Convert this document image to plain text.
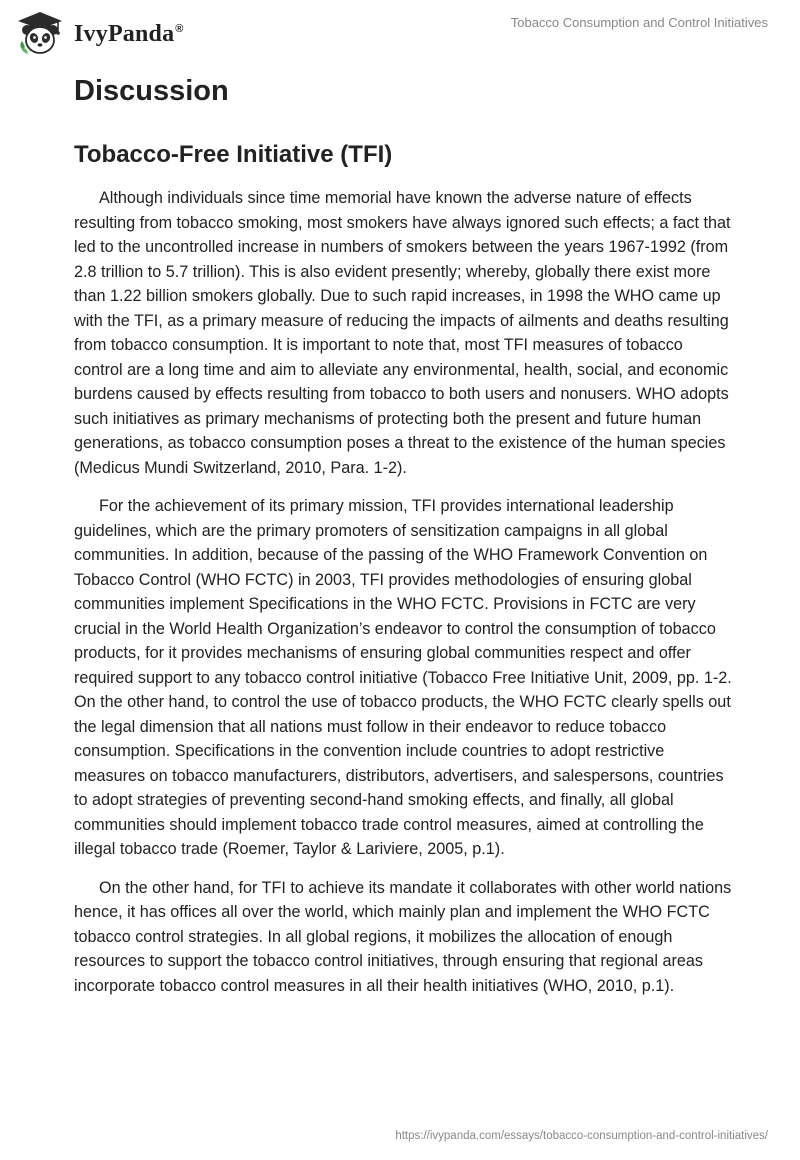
IvyPanda®	Tobacco Consumption and Control Initiatives
Discussion
Tobacco-Free Initiative (TFI)

Although individuals since time memorial have known the adverse nature of effects resulting from tobacco smoking, most smokers have always ignored such effects; a fact that led to the uncontrolled increase in numbers of smokers between the years 1967-1992 (from 2.8 trillion to 5.7 trillion). This is also evident presently; whereby, globally there exist more than 1.22 billion smokers globally. Due to such rapid increases, in 1998 the WHO came up with the TFI, as a primary measure of reducing the impacts of ailments and deaths resulting from tobacco consumption. It is important to note that, most TFI measures of tobacco control are a long time and aim to alleviate any environmental, health, social, and economic burdens caused by effects resulting from tobacco to both users and nonusers. WHO adopts such initiatives as primary mechanisms of protecting both the present and future human generations, as tobacco consumption poses a threat to the existence of the human species (Medicus Mundi Switzerland, 2010, Para. 1-2).

For the achievement of its primary mission, TFI provides international leadership guidelines, which are the primary promoters of sensitization campaigns in all global communities. In addition, because of the passing of the WHO Framework Convention on Tobacco Control (WHO FCTC) in 2003, TFI provides methodologies of ensuring global communities implement Specifications in the WHO FCTC. Provisions in FCTC are very crucial in the World Health Organization’s endeavor to control the consumption of tobacco products, for it provides mechanisms of ensuring global communities respect and offer required support to any tobacco control initiative (Tobacco Free Initiative Unit, 2009, pp. 1-2. On the other hand, to control the use of tobacco products, the WHO FCTC clearly spells out the legal dimension that all nations must follow in their endeavor to reduce tobacco consumption. Specifications in the convention include countries to adopt restrictive measures on tobacco manufacturers, distributors, advertisers, and salespersons, countries to adopt strategies of preventing second-hand smoking effects, and finally, all global communities should implement tobacco trade control measures, aimed at controlling the illegal tobacco trade (Roemer, Taylor & Lariviere, 2005, p.1).

On the other hand, for TFI to achieve its mandate it collaborates with other world nations hence, it has offices all over the world, which mainly plan and implement the WHO FCTC tobacco control strategies. In all global regions, it mobilizes the allocation of enough resources to support the tobacco control initiatives, through ensuring that regional areas incorporate tobacco control measures in all their health initiatives (WHO, 2010, p.1).

https://ivypanda.com/essays/tobacco-consumption-and-control-initiatives/
